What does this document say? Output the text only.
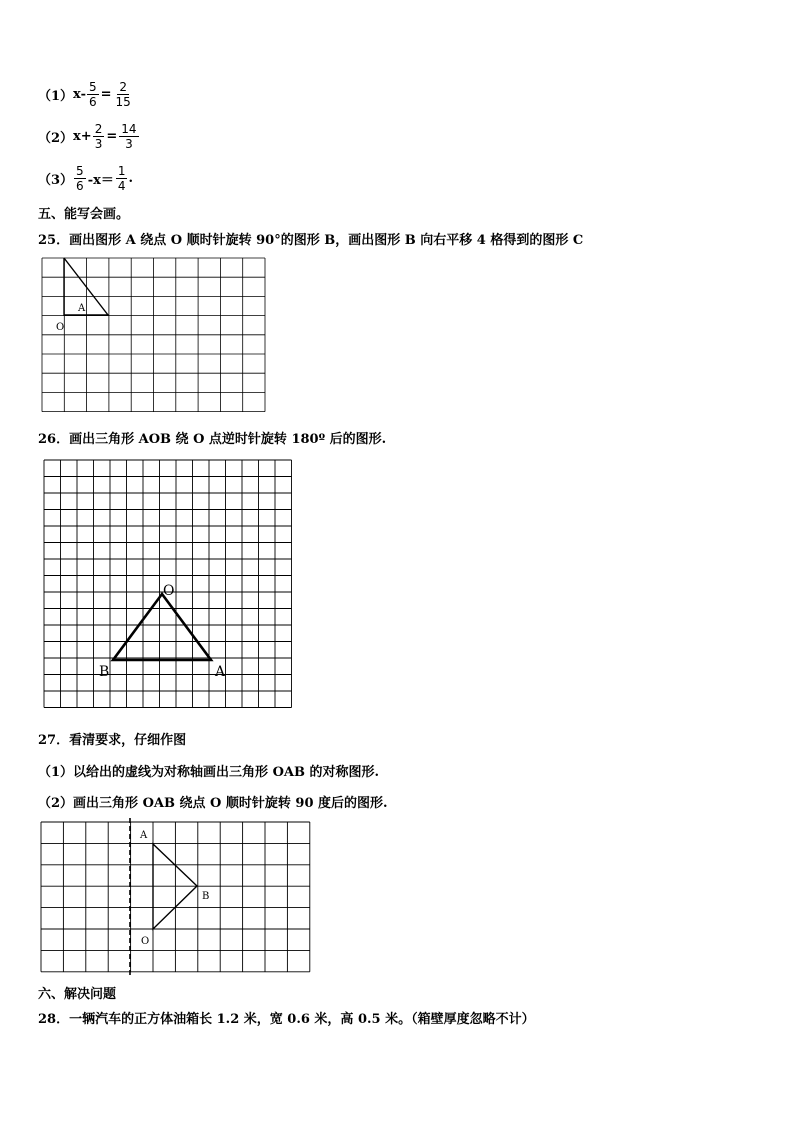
（1） $x- \frac{5}{6} = \frac{2}{15}$
（2） $x+ \frac{2}{3} = \frac{14}{3}$
$(3) \frac{5}{6} -x= \frac{1}{4}$ .
五、能写会画。
25．画出图形 A 绕点 O 顺时针旋转 90°的图形 B，画出图形 B 向右平移 4 格得到的图形 C
A
O
26．画出三角形 AOB 绕 O 点逆时针旋转 180º 后的图形.
O
A
B
27．看清要求，仔细作图
（1）以给出的虚线为对称轴画出三角形 OAB 的对称图形.
（2）画出三角形 OAB 绕点 O 顺时针旋转 90 度后的图形.
A
B
O
六、解决问题
28．一辆汽车的正方体油箱长 1.2 米，宽 0.6 米，高 0.5 米。（箱壁厚度忽略不计）
